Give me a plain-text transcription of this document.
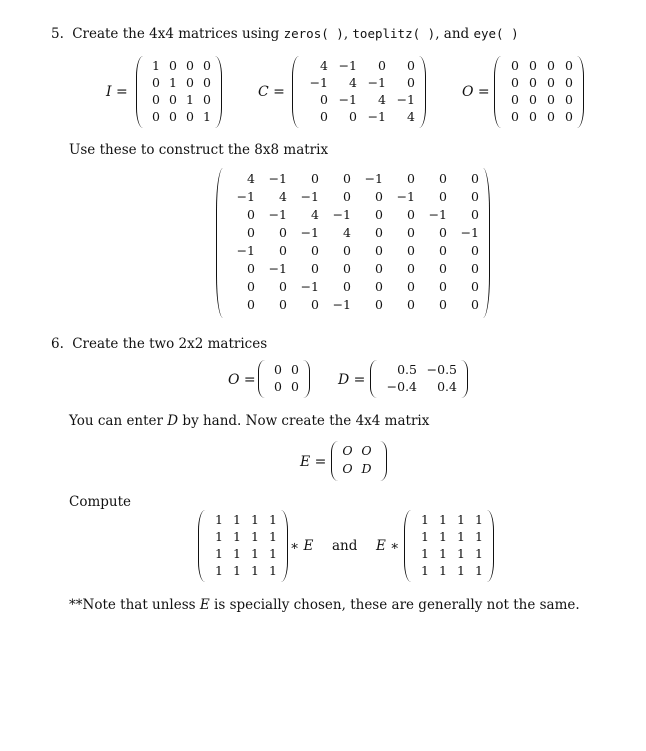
5. Create the 4x4 matrices using zeros( ), toeplitz( ), and eye( )
I =
1 0 0 0
0 1 0 0
0 0 1 0
0 0 0 1
C =
4 −1	0	0
−1	4 −1	0
0 −1	4 −1
0	0 −1	4
O =
0 0 0 0
0 0 0 0
0 0 0 0
0 0 0 0
Use these to construct the 8x8 matrix
4	−1	0	0	−1	0	0	0
−1	4	−1	0	0	−1	0	0
0	−1	4	−1	0	0	−1	0
0	0	−1	4	0	0	0	−1
−1	0	0	0	0	0	0	0
0	−1	0	0	0	0	0	0
0	0	−1	0	0	0	0	0
0	0	0	−1	0	0	0	0
6. Create the two 2x2 matrices
O =
0 0
0 0	D =
0.5 −0.5
−0.4	0.4
You can enter D by hand. Now create the 4x4 matrix
E =
O O
O D
Compute
1 1 1 1
1 1 1 1
1 1 1 1
1 1 1 1
∗ E and E ∗
1 1 1 1
1 1 1 1
1 1 1 1
1 1 1 1
**Note that unless E is specially chosen, these are generally not the same.
